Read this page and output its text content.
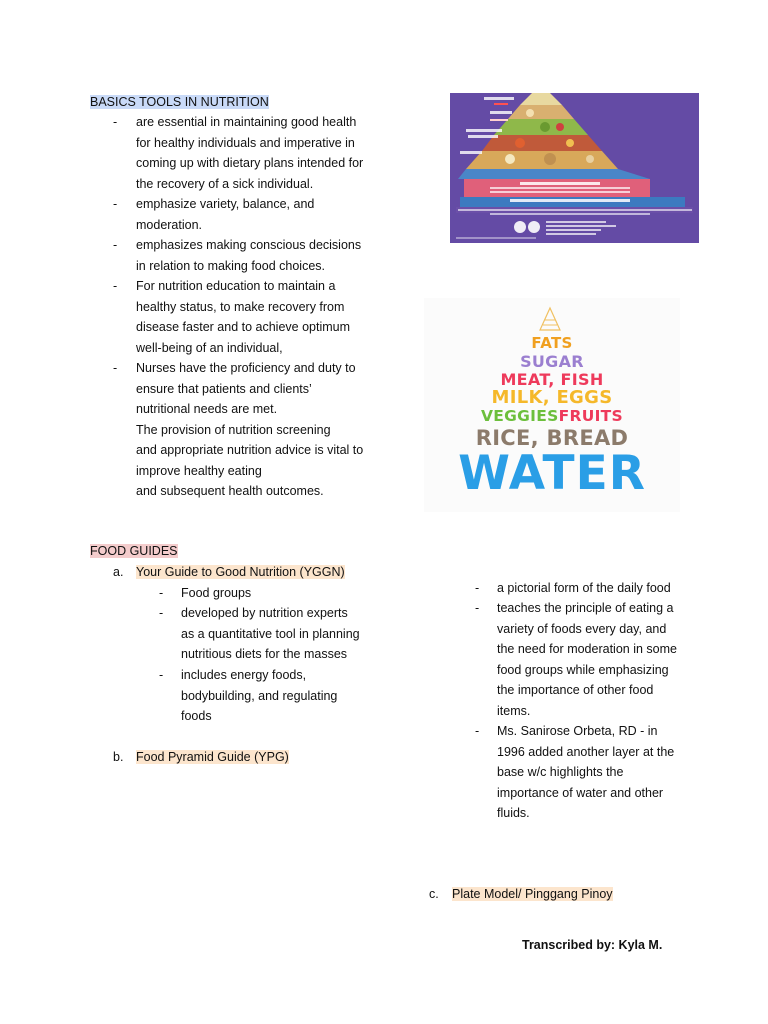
BASICS TOOLS IN NUTRITION
- are essential in maintaining good health
for healthy individuals and imperative in
coming up with dietary plans intended for
the recovery of a sick individual.
- emphasize variety, balance, and
moderation.
- emphasizes making conscious decisions
in relation to making food choices.
- For nutrition education to maintain a
healthy status, to make recovery from
disease faster and to achieve optimum
well-being of an individual,
- Nurses have the proficiency and duty to
ensure that patients and clients’
nutritional needs are met.
The provision of nutrition screening
and appropriate nutrition advice is vital to
improve healthy eating
and subsequent health outcomes.
FATS
SUGAR
MEAT, FISH
MILK, EGGS
VEGGIESFRUITS
RICE, BREAD
WATER
FOOD GUIDES
a. Your Guide to Good Nutrition (YGGN)
- Food groups
- developed by nutrition experts
as a quantitative tool in planning
nutritious diets for the masses
- includes energy foods,
bodybuilding, and regulating
foods
b. Food Pyramid Guide (YPG)
- a pictorial form of the daily food
- teaches the principle of eating a
variety of foods every day, and
the need for moderation in some
food groups while emphasizing
the importance of other food
items.
- Ms. Sanirose Orbeta, RD - in
1996 added another layer at the
base w/c highlights the
importance of water and other
fluids.
c. Plate Model/ Pinggang Pinoy
Transcribed by: Kyla M.
